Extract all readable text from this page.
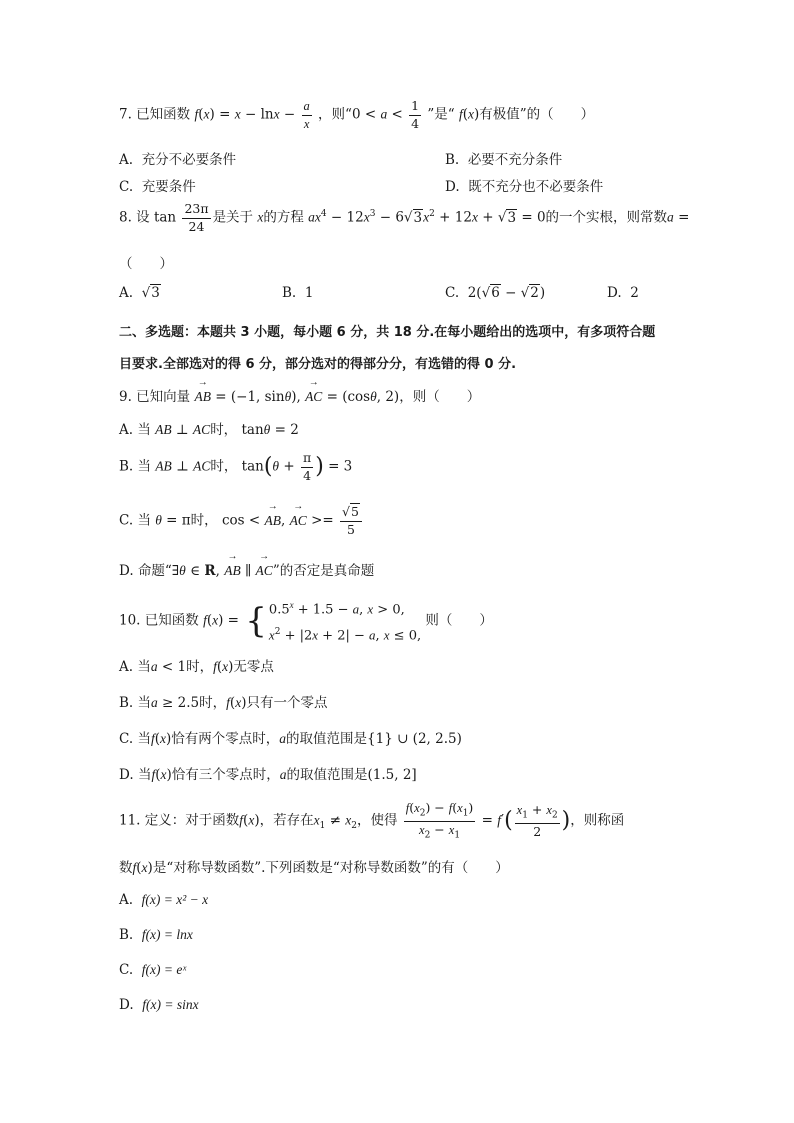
7. 已知函数 $f(x) = x - \ln x - \frac{a}{x}$ ，则“$0 < a < \frac{1}{4}$ ”是“ f(x)有极值”的（　　）
A. 充分不必要条件	B. 必要不充分条件
C. 充要条件	D. 既不充分也不必要条件
8. 设 $\tan \frac{23\pi}{24}$ 是关于 x的方程 $ax^4 - 12x^3 - 6√3x^2 + 12x + √3 = 0$的一个实根，则常数a =
（　　）
A.  √3	B. 1	C.  2(√6 − √2)	D. 2
二、多选题：本题共 3 小题，每小题 6 分，共 18 分.在每小题给出的选项中，有多项符合题
目要求.全部选对的得 6 分，部分选对的得部分分，有选错的得 0 分.
9. 已知向量 → AB = (−1, sinθ), → AC = (cosθ, 2)，则（　　）
A. 当 AB ⊥ AC时， tanθ = 2
B. 当 AB ⊥ AC时， $\tan(\theta + \frac{\pi}{4}$ ) = 3
C. 当 θ = π时， cos < → AB, → AC >= $\frac{√5}{5}$
D. 命题“∃θ ∈ R, → AB ∥ → AC”的否定是真命题
10. 已知函数 $f(x) = \{0.5^x + 1.5 - a$, x > 0,
$x^2 + |2x + 2| - a$, x ≤ 0, 则（　　）
A. 当a < 1时，f(x)无零点
B. 当a ≥ 2.5时，f(x)只有一个零点
C. 当f(x)恰有两个零点时，a的取值范围是{1} ∪ (2, 2.5)
D. 当f(x)恰有三个零点时，a的取值范围是(1.5, 2]
11. 定义：对于函数f(x)，若存在$x_1 \ne x_2$，使得 $\frac{f(x_2) - f(x_1)}{x_2 - x_1} = f'( \frac{x_1 + x_2}{2}$ )，则称函
数f(x)是“对称导数函数”.下列函数是“对称导数函数”的有（　　）
A. f(x) = x² − x
B. f(x) = lnx
C. f(x) = eˣ
D. f(x) = sinx
